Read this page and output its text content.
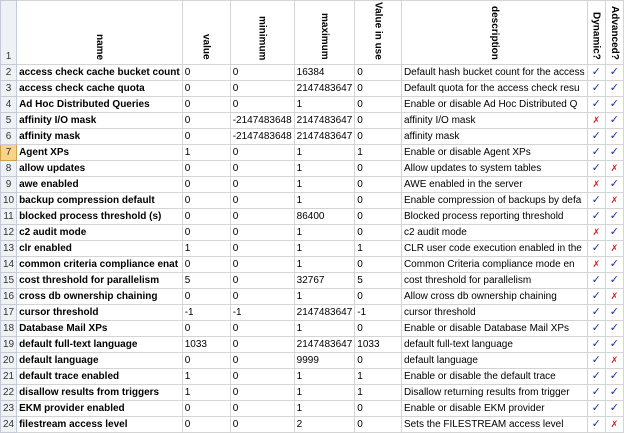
1	name	value	minimum	maximum	Value in use	description	Dynamic?	Advanced?

2	access check cache bucket count	0	0	16384	0	Default hash bucket count for the access	✓	✓
3	access check cache quota	0	0	2147483647	0	Default quota for the access check resu	✓	✓
4	Ad Hoc Distributed Queries	0	0	1	0	Enable or disable Ad Hoc Distributed Q	✓	✓
5	affinity I/O mask	0	-2147483648	2147483647	0	affinity I/O mask	✗	✓
6	affinity mask	0	-2147483648	2147483647	0	affinity mask	✓	✓
7	Agent XPs	1	0	1	1	Enable or disable Agent XPs	✓	✓
8	allow updates	0	0	1	0	Allow updates to system tables	✓	✗
9	awe enabled	0	0	1	0	AWE enabled in the server	✗	✓
10	backup compression default	0	0	1	0	Enable compression of backups by defa	✓	✗
11	blocked process threshold (s)	0	0	86400	0	Blocked process reporting threshold	✓	✓
12	c2 audit mode	0	0	1	0	c2 audit mode	✗	✓
13	clr enabled	1	0	1	1	CLR user code execution enabled in the	✓	✗
14	common criteria compliance enat	0	0	1	0	Common Criteria compliance mode en	✗	✓
15	cost threshold for parallelism	5	0	32767	5	cost threshold for parallelism	✓	✓
16	cross db ownership chaining	0	0	1	0	Allow cross db ownership chaining	✓	✗
17	cursor threshold	-1	-1	2147483647	-1	cursor threshold	✓	✓
18	Database Mail XPs	0	0	1	0	Enable or disable Database Mail XPs	✓	✓
19	default full-text language	1033	0	2147483647	1033	default full-text language	✓	✓
20	default language	0	0	9999	0	default language	✓	✗
21	default trace enabled	1	0	1	1	Enable or disable the default trace	✓	✓
22	disallow results from triggers	1	0	1	1	Disallow returning results from trigger	✓	✓
23	EKM provider enabled	0	0	1	0	Enable or disable EKM provider	✓	✓
24	filestream access level	0	0	2	0	Sets the FILESTREAM access level	✓	✗
